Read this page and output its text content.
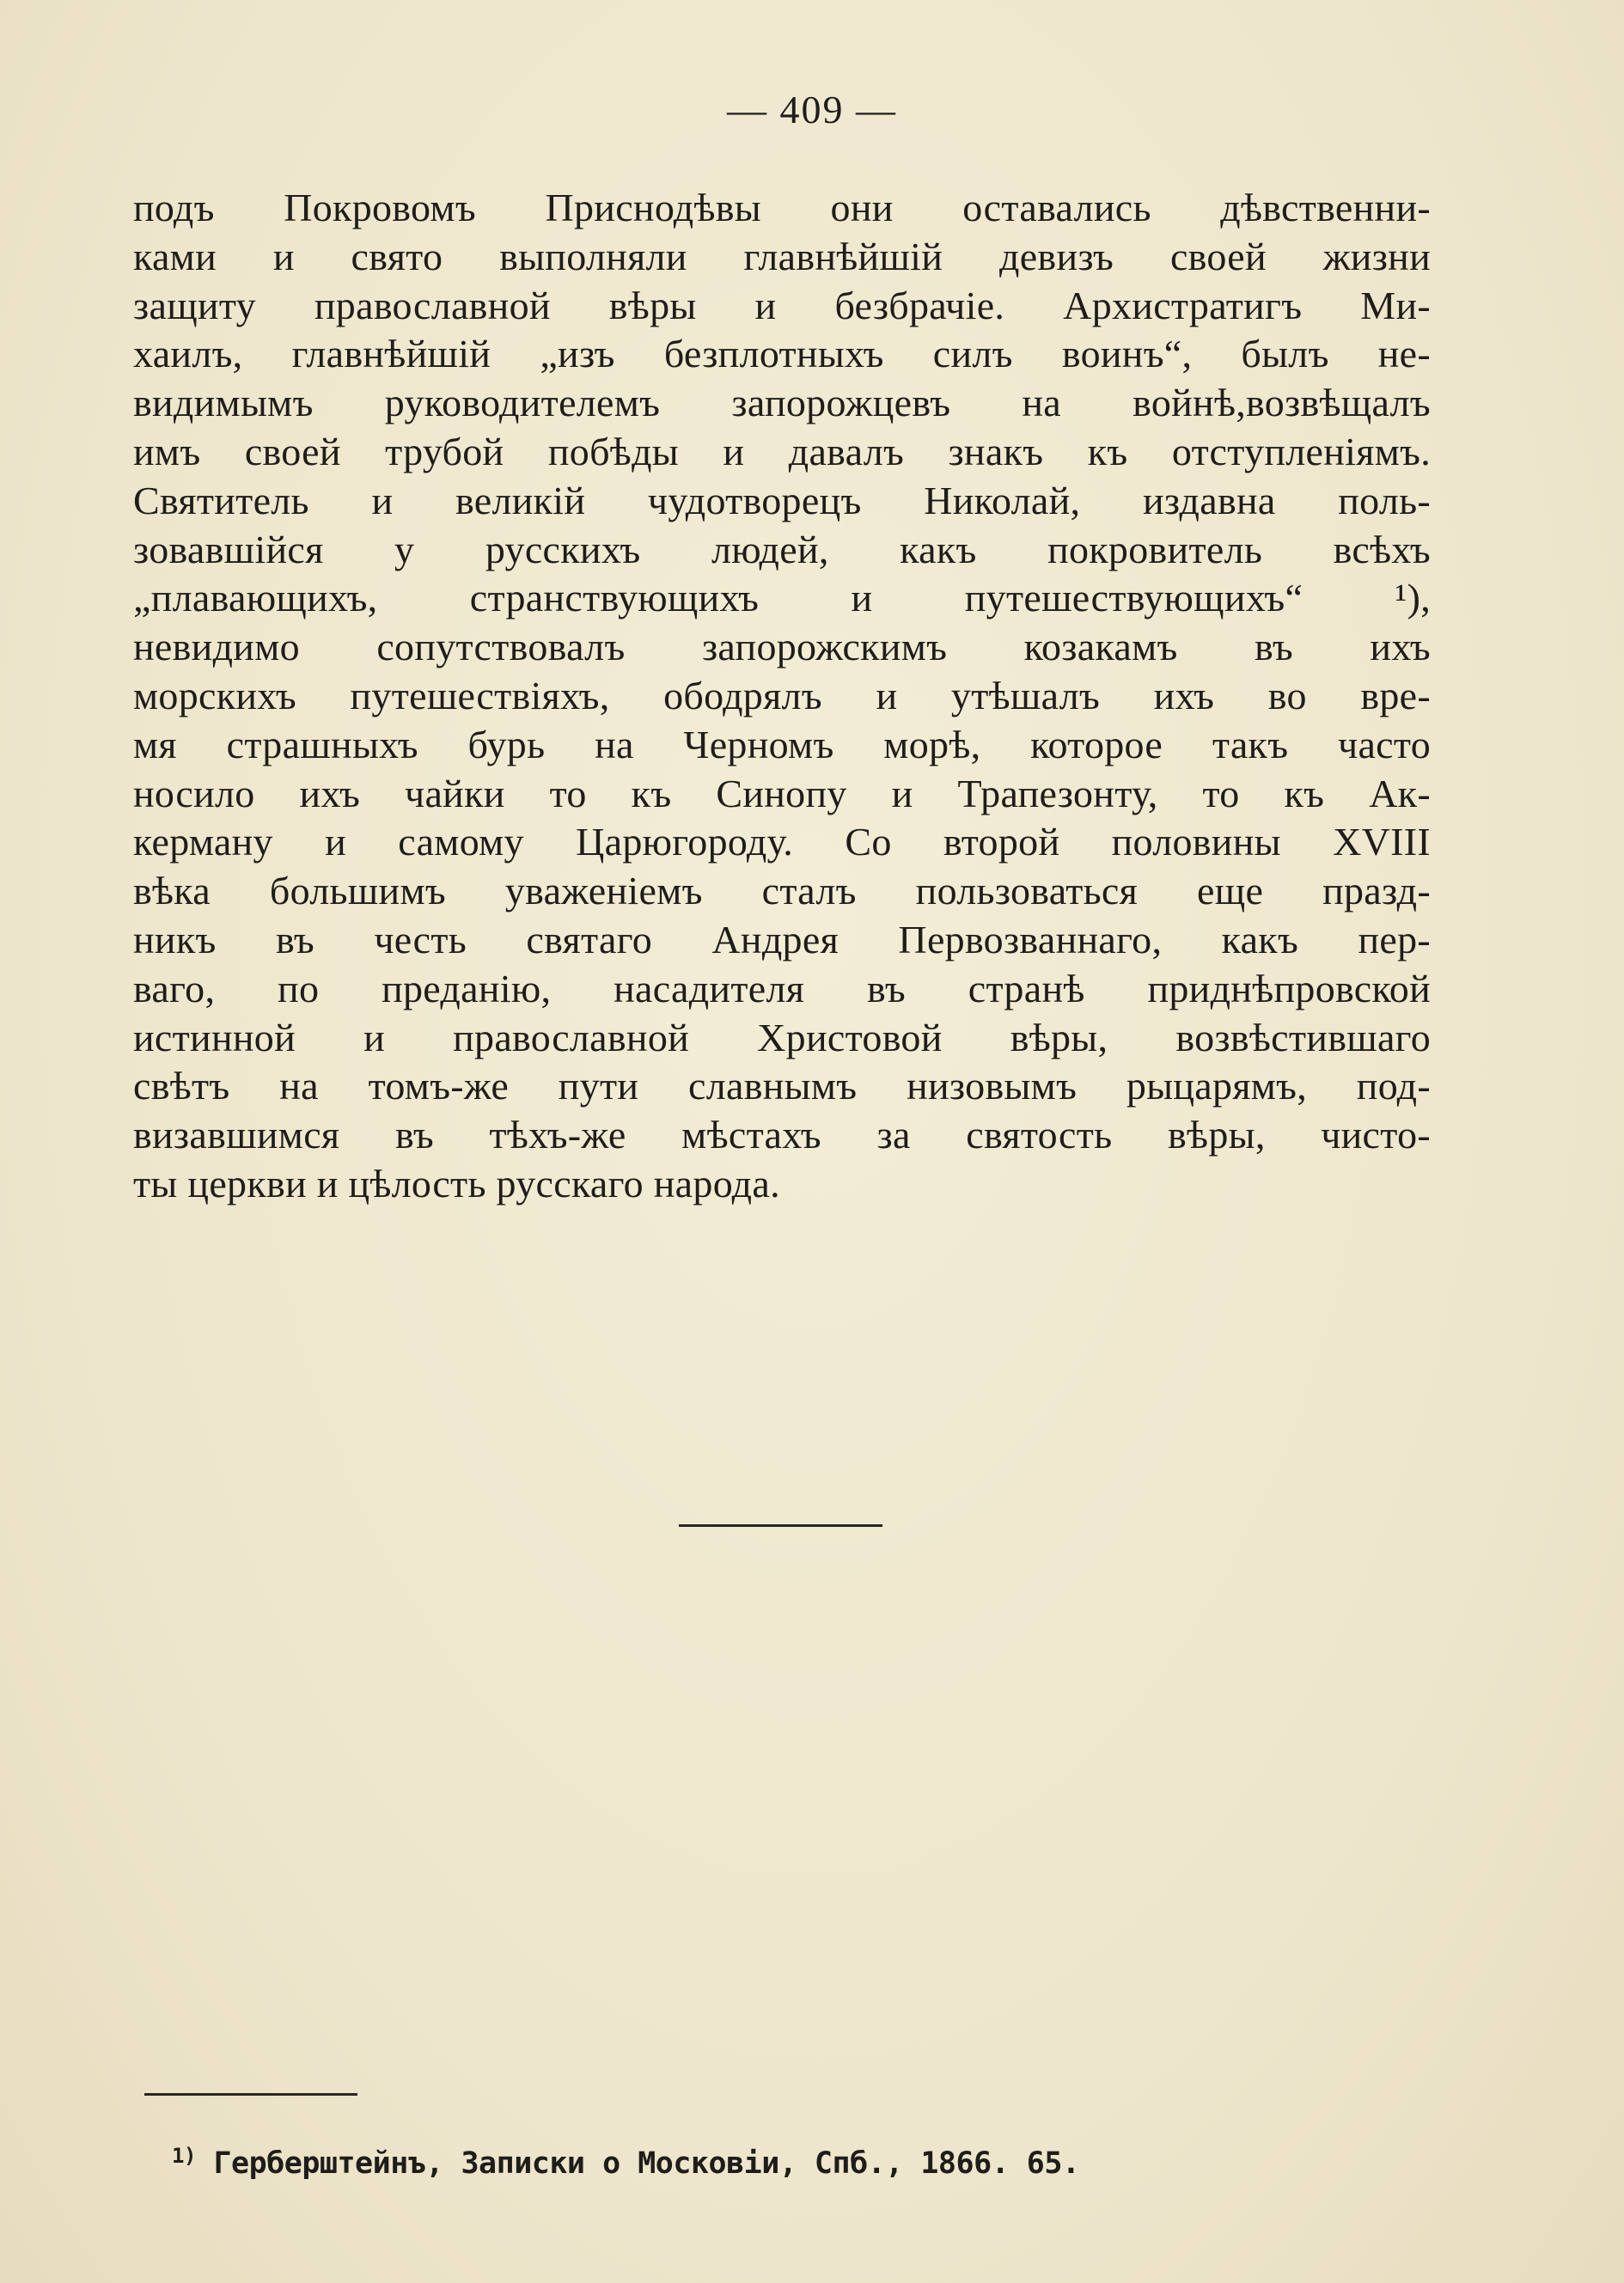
— 409 —
подъ Покровомъ Приснодѣвы они оставались дѣвственни-
ками и свято выполняли главнѣйшій девизъ своей жизни
защиту православной вѣры и безбрачіе. Архистратигъ Ми-
хаилъ, главнѣйшій „изъ безплотныхъ силъ воинъ“, былъ не-
видимымъ руководителемъ запорожцевъ на войнѣ,возвѣщалъ
имъ своей трубой побѣды и давалъ знакъ къ отступленіямъ.
Святитель и великій чудотворецъ Николай, издавна поль-
зовавшійся у русскихъ людей, какъ покровитель всѣхъ
„плавающихъ, странствующихъ и путешествующихъ“ ¹),
невидимо сопутствовалъ запорожскимъ козакамъ въ ихъ
морскихъ путешествіяхъ, ободрялъ и утѣшалъ ихъ во вре-
мя страшныхъ бурь на Черномъ морѣ, которое такъ часто
носило ихъ чайки то къ Синопу и Трапезонту, то къ Ак-
керману и самому Царюгороду. Со второй половины XVIII
вѣка большимъ уваженіемъ сталъ пользоваться еще празд-
никъ въ честь святаго Андрея Первозваннаго, какъ пер-
ваго, по преданію, насадителя въ странѣ приднѣпровской
истинной и православной Христовой вѣры, возвѣстившаго
свѣтъ на томъ-же пути славнымъ низовымъ рыцарямъ, под-
визавшимся въ тѣхъ-же мѣстахъ за святость вѣры, чисто-
ты церкви и цѣлость русскаго народа.
$^{1)}$ Герберштейнъ, Записки о Московіи, Спб., 1866. 65.
